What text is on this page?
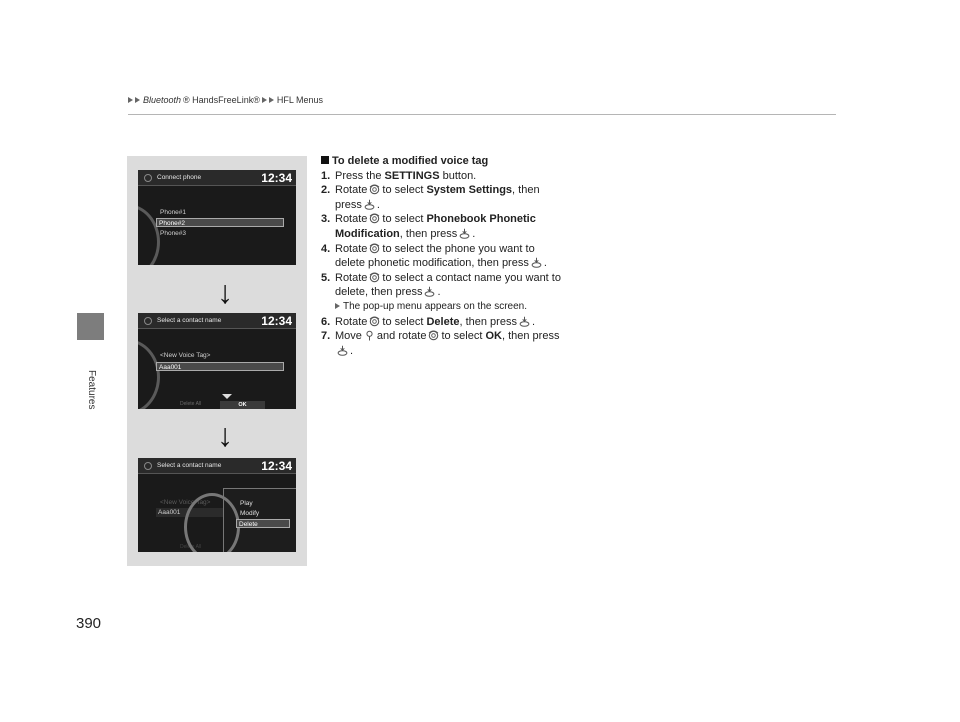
Bluetooth ® HandsFreeLink® HFL Menus
Features
390
Connect phone	12:34
Phone#1
Phone#2
Phone#3
↓
Select a contact name	12:34
<New Voice Tag>
Aaa001
Delete All	OK
↓
Select a contact name	12:34
<New Voice Tag>
Aaa001
Delete All
Play
Modify
Delete
To delete a modified voice tag
1. Press the SETTINGS button.
2. Rotate to select System Settings, then press .
3. Rotate to select Phonebook Phonetic Modification, then press .
4. Rotate to select the phone you want to delete phonetic modification, then press .
5. Rotate to select a contact name you want to delete, then press .
The pop-up menu appears on the screen.
6. Rotate to select Delete, then press .
7. Move and rotate to select OK, then press.
